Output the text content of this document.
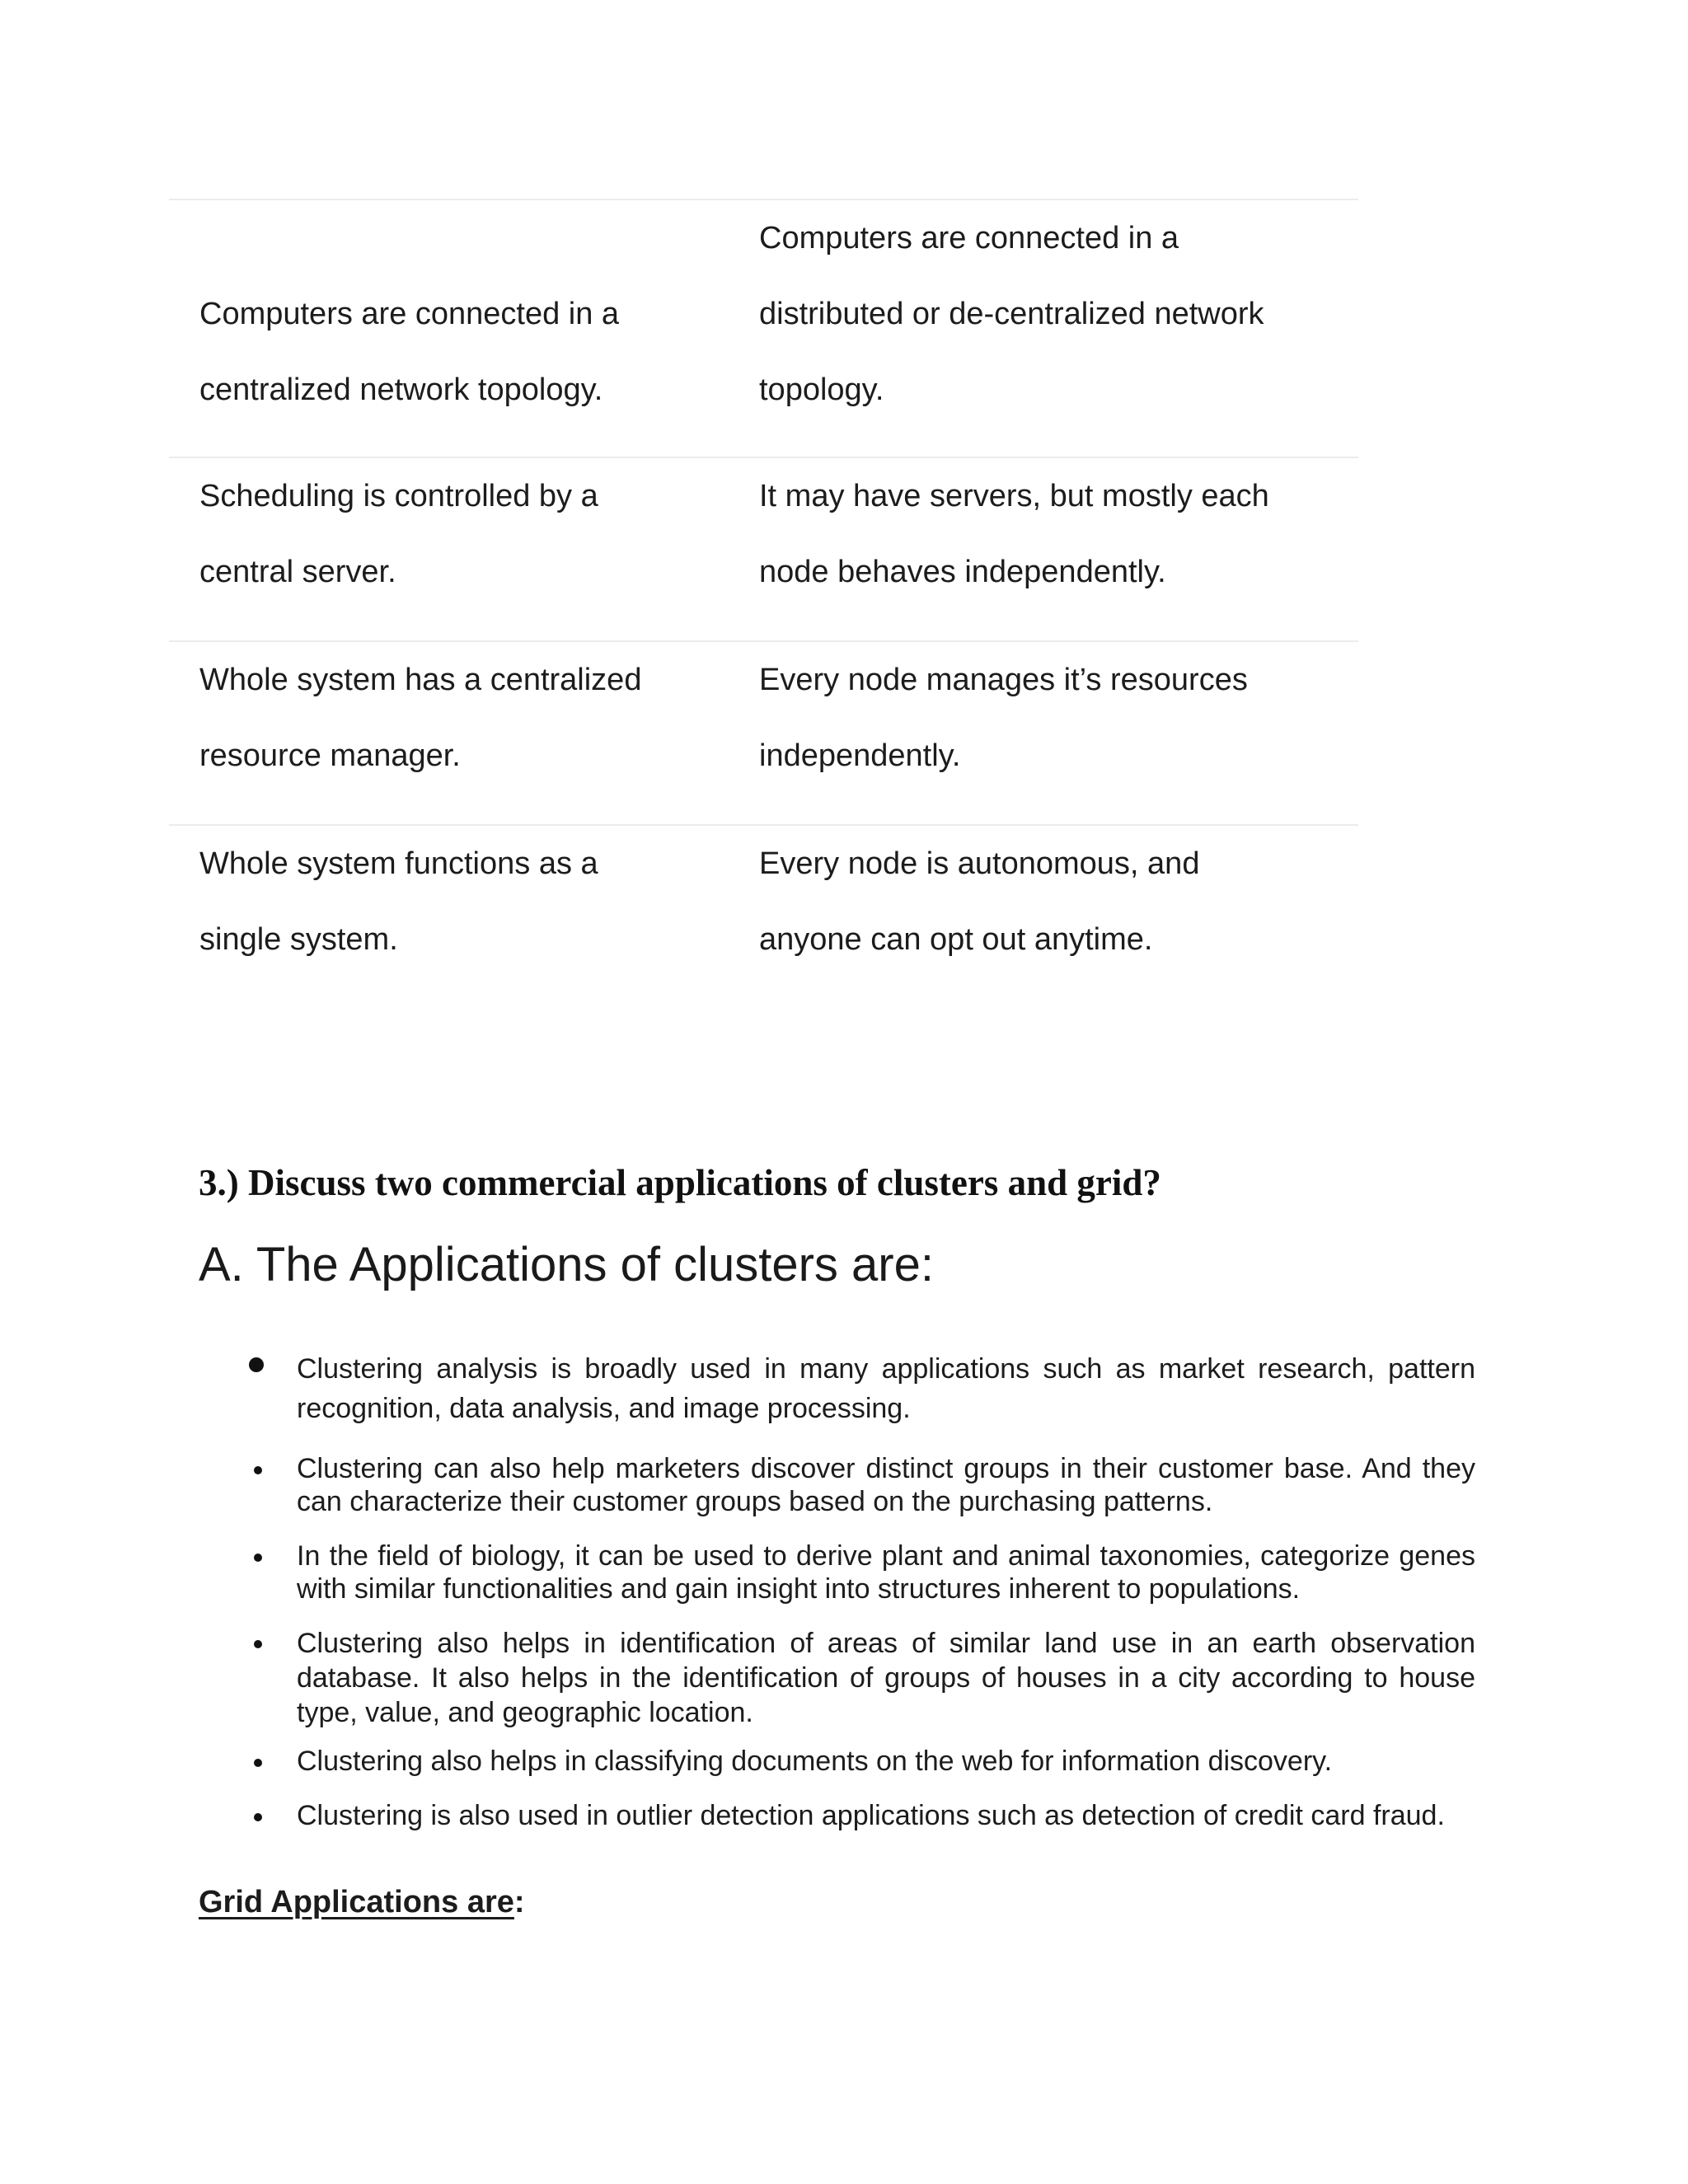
Computers are connected in a
centralized network topology.
Computers are connected in a
distributed or de-centralized network
topology.
Scheduling is controlled by a
central server.
It may have servers, but mostly each
node behaves independently.
Whole system has a centralized
resource manager.
Every node manages it’s resources
independently.
Whole system functions as a
single system.
Every node is autonomous, and
anyone can opt out anytime.
3.) Discuss two commercial applications of clusters and grid?
A. The Applications of clusters are:
Clustering analysis is broadly used in many applications such as market research, pattern recognition, data analysis, and image processing.
Clustering can also help marketers discover distinct groups in their customer base. And they can characterize their customer groups based on the purchasing patterns.
In the field of biology, it can be used to derive plant and animal taxonomies, categorize genes with similar functionalities and gain insight into structures inherent to populations.
Clustering also helps in identification of areas of similar land use in an earth observation database. It also helps in the identification of groups of houses in a city according to house type, value, and geographic location.
Clustering also helps in classifying documents on the web for information discovery.
Clustering is also used in outlier detection applications such as detection of credit card fraud.
Grid Applications are:
